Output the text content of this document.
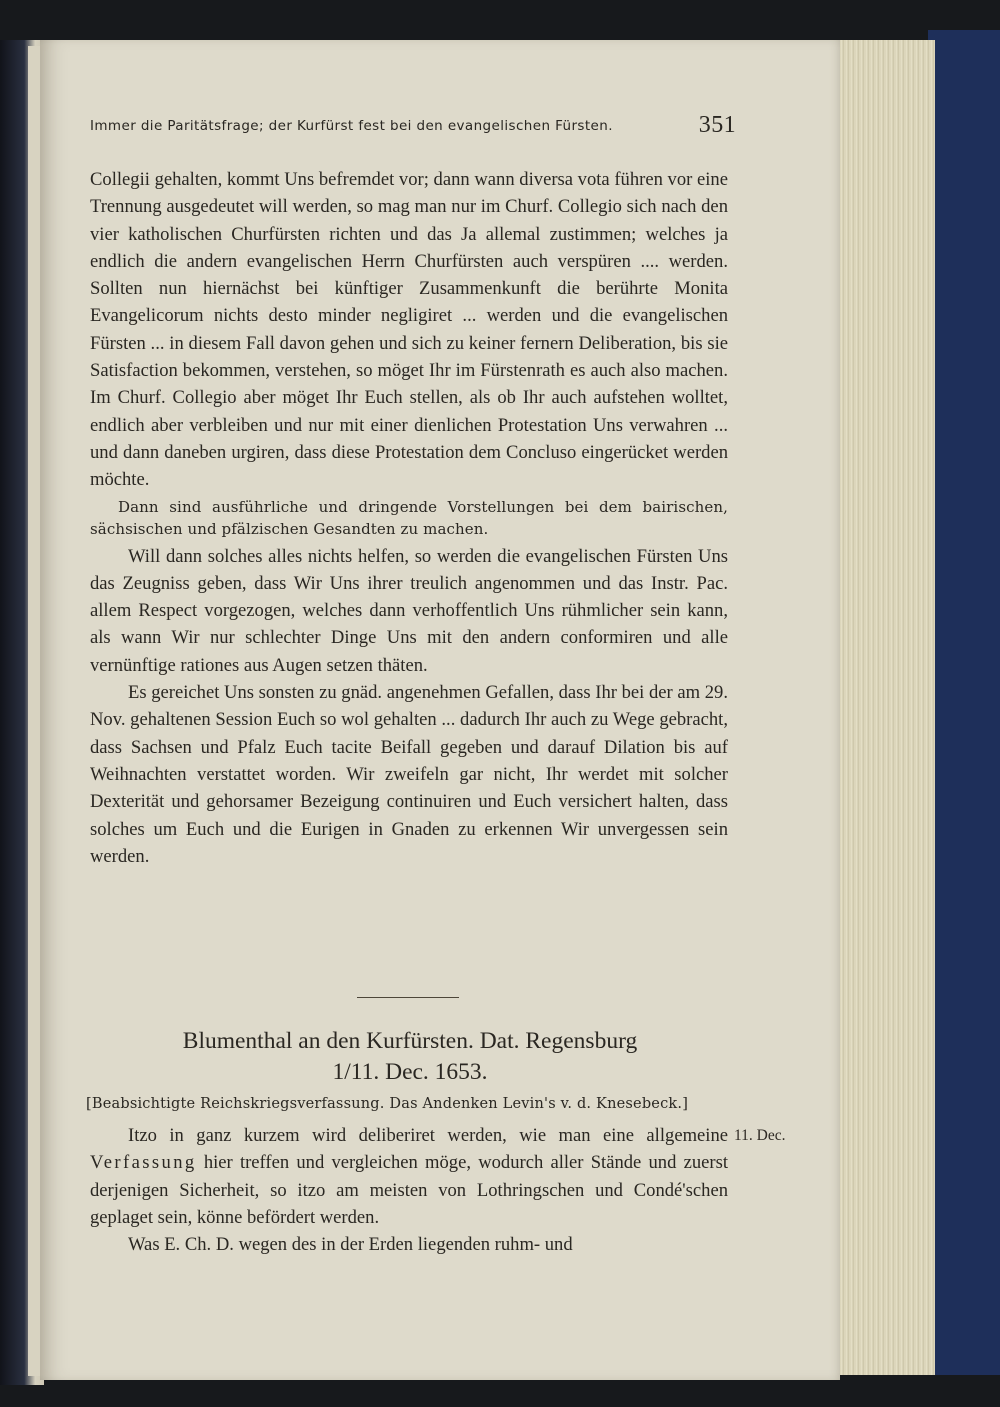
Immer die Paritätsfrage; der Kurfürst fest bei den evangelischen Fürsten.	351

Collegii gehalten, kommt Uns befremdet vor; dann wann diversa vota führen vor eine Trennung ausgedeutet will werden, so mag man nur im Churf. Collegio sich nach den vier katholischen Churfürsten richten und das Ja allemal zustimmen; welches ja endlich die andern evangelischen Herrn Churfürsten auch verspüren .... werden. Sollten nun hiernächst bei künftiger Zusammenkunft die berührte Monita Evangelicorum nichts desto minder negligiret ... werden und die evangelischen Fürsten ... in diesem Fall davon gehen und sich zu keiner fernern Deliberation, bis sie Satisfaction bekommen, verstehen, so möget Ihr im Fürstenrath es auch also machen. Im Churf. Collegio aber möget Ihr Euch stellen, als ob Ihr auch aufstehen wolltet, endlich aber verbleiben und nur mit einer dienlichen Protestation Uns verwahren ... und dann daneben urgiren, dass diese Protestation dem Concluso eingerücket werden möchte.

Dann sind ausführliche und dringende Vorstellungen bei dem bairischen, sächsischen und pfälzischen Gesandten zu machen.

Will dann solches alles nichts helfen, so werden die evangelischen Fürsten Uns das Zeugniss geben, dass Wir Uns ihrer treulich angenommen und das Instr. Pac. allem Respect vorgezogen, welches dann verhoffentlich Uns rühmlicher sein kann, als wann Wir nur schlechter Dinge Uns mit den andern conformiren und alle vernünftige rationes aus Augen setzen thäten.

Es gereichet Uns sonsten zu gnäd. angenehmen Gefallen, dass Ihr bei der am 29. Nov. gehaltenen Session Euch so wol gehalten ... dadurch Ihr auch zu Wege gebracht, dass Sachsen und Pfalz Euch tacite Beifall gegeben und darauf Dilation bis auf Weihnachten verstattet worden. Wir zweifeln gar nicht, Ihr werdet mit solcher Dexterität und gehorsamer Bezeigung continuiren und Euch versichert halten, dass solches um Euch und die Eurigen in Gnaden zu erkennen Wir unvergessen sein werden.

Blumenthal an den Kurfürsten. Dat. Regensburg
1/11. Dec. 1653.
[Beabsichtigte Reichskriegsverfassung. Das Andenken Levin's v. d. Knesebeck.]
11. Dec.

Itzo in ganz kurzem wird deliberiret werden, wie man eine allgemeine Verfassung hier treffen und vergleichen möge, wodurch aller Stände und zuerst derjenigen Sicherheit, so itzo am meisten von Lothringschen und Condé'schen geplaget sein, könne befördert werden.

Was E. Ch. D. wegen des in der Erden liegenden ruhm- und
